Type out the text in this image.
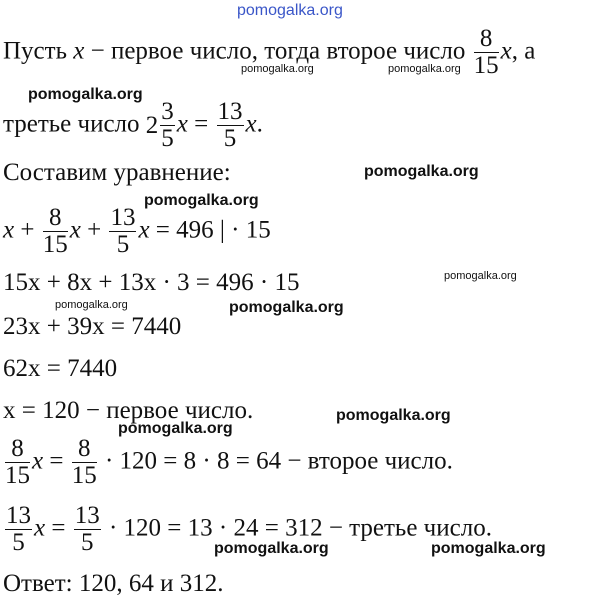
pomogalka.org
pomogalka.org	pomogalka.org
pomogalka.org
pomogalka.org
pomogalka.org
pomogalka.org
pomogalka.org	pomogalka.org
pomogalka.org
pomogalka.org
pomogalka.org	pomogalka.org
Пусть x − первое число, тогда второе число $\frac{8}{15} x$, а
третье число $2 \frac{3}{5}$ $x = \frac{13}{5} x$.
Составим уравнение:
$x + \frac{8}{15}$ $x + \frac{13}{5}$ x = 496 | · 15
15x + 8x + 13x · 3 = 496 · 15
23x + 39x = 7440
62x = 7440
x = 120 − первое число.
$\frac{8}{15}$ $x = \frac{8}{15} \cdot 120 = 8 \cdot 8 = 64$ − второе число.
$\frac{13}{5}$ $x = \frac{13}{5} \cdot 120 = 13 \cdot 24 = 312$ − третье число.
Ответ: 120, 64 и 312.
